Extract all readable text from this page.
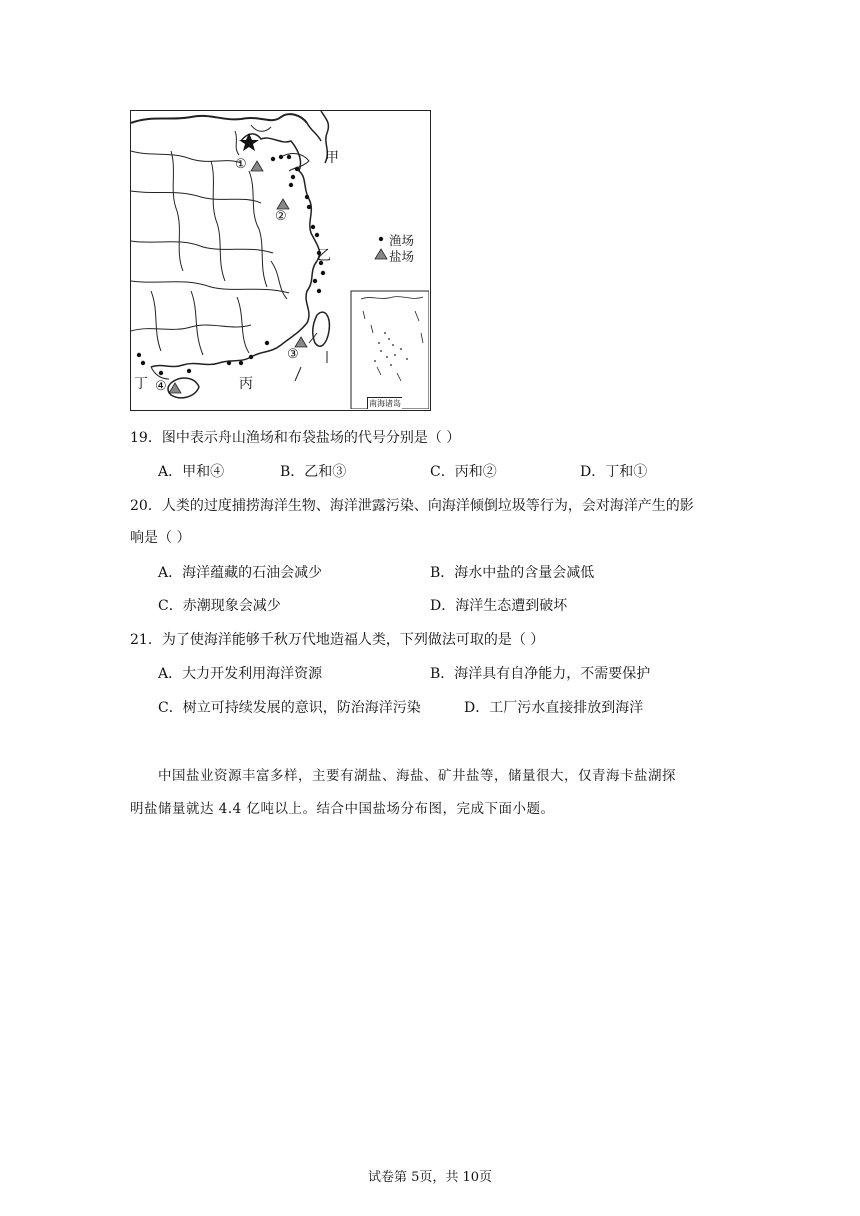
甲
乙
丙
丁
①
②
③
④
渔场
盐场
南海诸岛
19．图中表示舟山渔场和布袋盐场的代号分别是（ ）
A．甲和④	B．乙和③	C．丙和②	D．丁和①
20．人类的过度捕捞海洋生物、海洋泄露污染、向海洋倾倒垃圾等行为，会对海洋产生的影
响是（ ）
A．海洋蕴藏的石油会减少	B．海水中盐的含量会减低
C．赤潮现象会减少	D．海洋生态遭到破坏
21．为了使海洋能够千秋万代地造福人类，下列做法可取的是（ ）
A．大力开发利用海洋资源	B．海洋具有自净能力，不需要保护
C．树立可持续发展的意识，防治海洋污染	D．工厂污水直接排放到海洋
中国盐业资源丰富多样，主要有湖盐、海盐、矿井盐等，储量很大，仅青海卡盐湖探
明盐储量就达 4.4 亿吨以上。结合中国盐场分布图，完成下面小题。
试卷第 5页，共 10页
